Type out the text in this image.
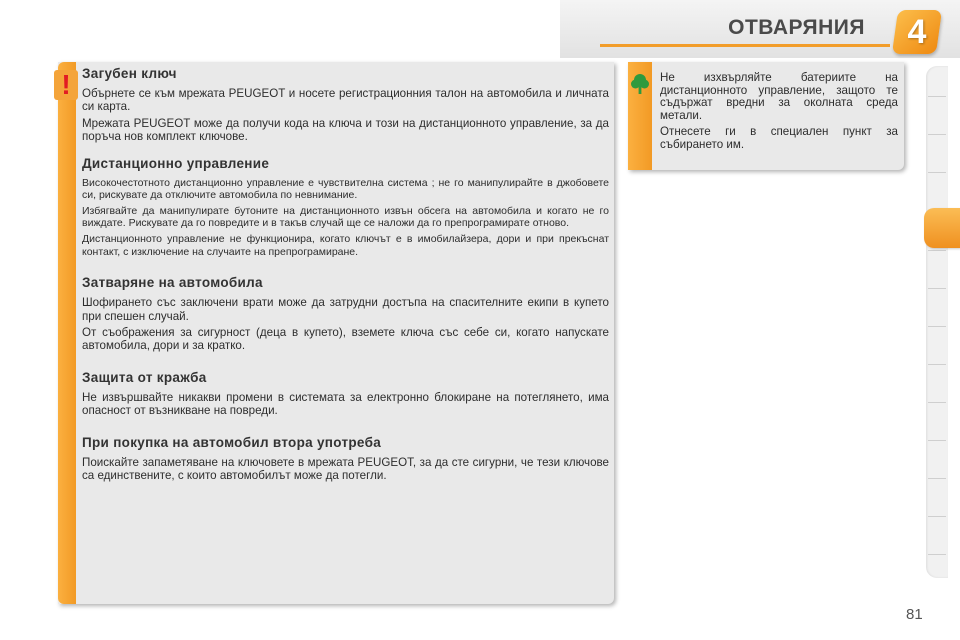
ОТВАРЯНИЯ	4
! Загубен ключ

Обърнете се към мрежата PEUGEOT и носете регистрационния талон на автомобила и личната си карта.

Мрежата PEUGEOT може да получи кода на ключа и този на дистанционното управление, за да поръча нов комплект ключове.

Дистанционно управление

Високочестотното дистанционно управление е чувствителна система ; не го манипулирайте в джобовете си, рискувате да отключите автомобила по невнимание.

Избягвайте да манипулирате бутоните на дистанционното извън обсега на автомобила и когато не го виждате. Рискувате да го повредите и в такъв случай ще се наложи да го препрограмирате отново.

Дистанционното управление не функционира, когато ключът е в имобилайзера, дори и при прекъснат контакт, с изключение на случаите на препрограмиране.

Затваряне на автомобила

Шофирането със заключени врати може да затрудни достъпа на спасителните екипи в купето при спешен случай.

От съображения за сигурност (деца в купето), вземете ключа със себе си, когато напускате автомобила, дори и за кратко.

Защита от кражба

Не извършвайте никакви промени в системата за електронно блокиране на потеглянето, има опасност от възникване на повреди.

При покупка на автомобил втора употреба

Поискайте запаметяване на ключовете в мрежата PEUGEOT, за да сте сигурни, че тези ключове са единствените, с които автомобилът може да потегли.

Не изхвърляйте батериите на дистанционното управление, защото те съдържат вредни за околната среда метали.

Отнесете ги в специален пункт за събирането им.

81
